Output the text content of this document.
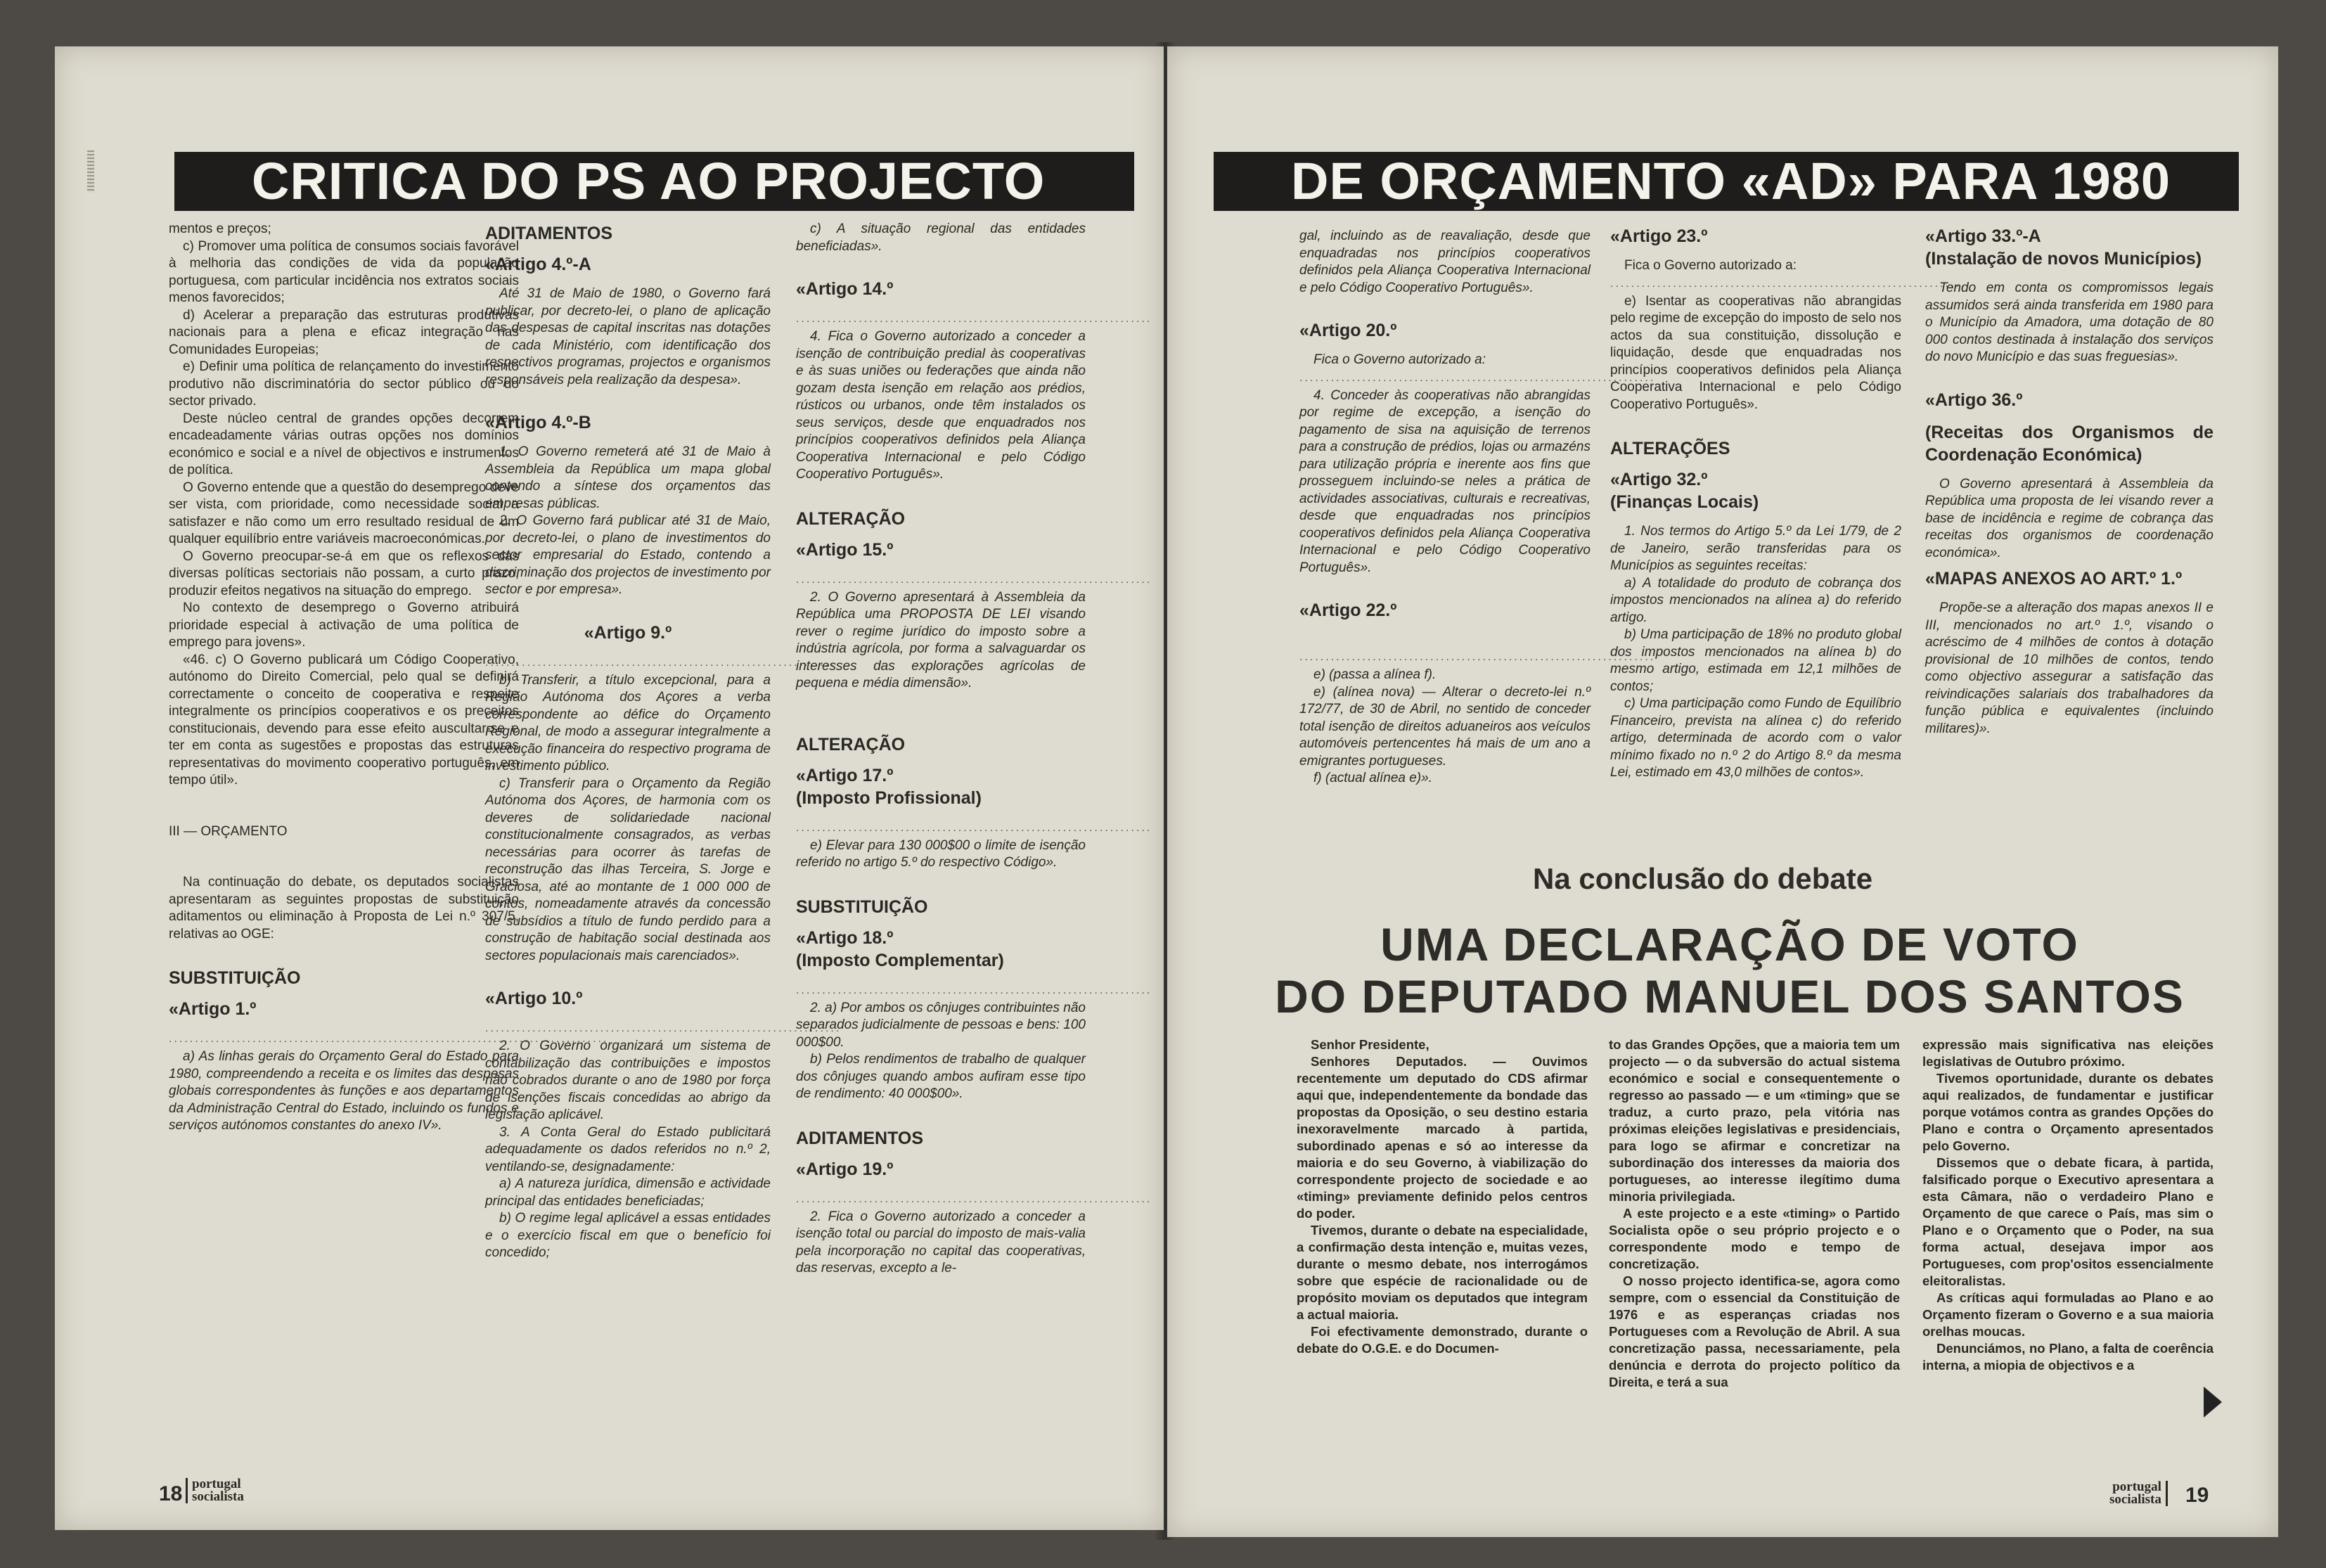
CRITICA DO PS AO PROJECTO

mentos e preços;

c) Promover uma política de consumos sociais favorável à melhoria das condições de vida da população portuguesa, com particular incidência nos extratos sociais menos favorecidos;

d) Acelerar a preparação das estruturas produtivas nacionais para a plena e eficaz integração nas Comunidades Europeias;

e) Definir uma política de relançamento do investimento produtivo não discriminatória do sector público ou do sector privado.

Deste núcleo central de grandes opções decorrem encadeadamente várias outras opções nos domínios económico e social e a nível de objectivos e instrumentos de política.

O Governo entende que a questão do desemprego deve ser vista, com prioridade, como necessidade social a satisfazer e não como um erro resultado residual de um qualquer equilíbrio entre variáveis macroeconómicas.

O Governo preocupar-se-á em que os reflexos das diversas políticas sectoriais não possam, a curto prazo, produzir efeitos negativos na situação do emprego.

No contexto de desemprego o Governo atribuirá prioridade especial à activação de uma política de emprego para jovens».

«46. c) O Governo publicará um Código Cooperativo, autónomo do Direito Comercial, pelo qual se definirá correctamente o conceito de cooperativa e respeite integralmente os princípios cooperativos e os preceitos constitucionais, devendo para esse efeito auscultar-se e ter em conta as sugestões e propostas das estruturas representativas do movimento cooperativo português, em tempo útil».

III — ORÇAMENTO

Na continuação do debate, os deputados socialistas apresentaram as seguintes propostas de substituição aditamentos ou eliminação à Proposta de Lei n.º 307/5, relativas ao OGE:

SUBSTITUIÇÃO
«Artigo 1.º
....................................................................................

a) As linhas gerais do Orçamento Geral do Estado para 1980, compreendendo a receita e os limites das despesas globais correspondentes às funções e aos departamentos da Administração Central do Estado, incluindo os fundos e serviços autónomos constantes do anexo IV».

ADITAMENTOS
«Artigo 4.º-A

Até 31 de Maio de 1980, o Governo fará publicar, por decreto-lei, o plano de aplicação das despesas de capital inscritas nas dotações de cada Ministério, com identificação dos respectivos programas, projectos e organismos responsáveis pela realização da despesa».

«Artigo 4.º-B

1. O Governo remeterá até 31 de Maio à Assembleia da República um mapa global contendo a síntese dos orçamentos das empresas públicas.

2. O Governo fará publicar até 31 de Maio, por decreto-lei, o plano de investimentos do sector empresarial do Estado, contendo a discriminação dos projectos de investimento por sector e por empresa».

«Artigo 9.º
....................................................................

b) Transferir, a título excepcional, para a Região Autónoma dos Açores a verba correspondente ao défice do Orçamento Regional, de modo a assegurar integralmente a execução financeira do respectivo programa de investimento público.

c) Transferir para o Orçamento da Região Autónoma dos Açores, de harmonia com os deveres de solidariedade nacional constitucionalmente consagrados, as verbas necessárias para ocorrer às tarefas de reconstrução das ilhas Terceira, S. Jorge e Graciosa, até ao montante de 1 000 000 de contos, nomeadamente através da concessão de subsídios a título de fundo perdido para a construção de habitação social destinada aos sectores populacionais mais carenciados».

«Artigo 10.º
....................................................................

2. O Governo organizará um sistema de contabilização das contribuições e impostos não cobrados durante o ano de 1980 por força de isenções fiscais concedidas ao abrigo da legislação aplicável.

3. A Conta Geral do Estado publicitará adequadamente os dados referidos no n.º 2, ventilando-se, designadamente:

a) A natureza jurídica, dimensão e actividade principal das entidades beneficiadas;

b) O regime legal aplicável a essas entidades e o exercício fiscal em que o benefício foi concedido;

c) A situação regional das entidades beneficiadas».

«Artigo 14.º
....................................................................

4. Fica o Governo autorizado a conceder a isenção de contribuição predial às cooperativas e às suas uniões ou federações que ainda não gozam desta isenção em relação aos prédios, rústicos ou urbanos, onde têm instalados os seus serviços, desde que enquadrados nos princípios cooperativos definidos pela Aliança Cooperativa Internacional e pelo Código Cooperativo Português».

ALTERAÇÃO
«Artigo 15.º
....................................................................

2. O Governo apresentará à Assembleia da República uma PROPOSTA DE LEI visando rever o regime jurídico do imposto sobre a indústria agrícola, por forma a salvaguardar os interesses das explorações agrícolas de pequena e média dimensão».

ALTERAÇÃO
«Artigo 17.º
(Imposto Profissional)
....................................................................

e) Elevar para 130 000$00 o limite de isenção referido no artigo 5.º do respectivo Código».

SUBSTITUIÇÃO
«Artigo 18.º
(Imposto Complementar)
....................................................................

2. a) Por ambos os cônjuges contribuintes não separados judicialmente de pessoas e bens: 100 000$00.

b) Pelos rendimentos de trabalho de qualquer dos cônjuges quando ambos aufiram esse tipo de rendimento: 40 000$00».

ADITAMENTOS
«Artigo 19.º
....................................................................

2. Fica o Governo autorizado a conceder a isenção total ou parcial do imposto de mais-valia pela incorporação no capital das cooperativas, das reservas, excepto a le-

18 portugal
socialista
DE ORÇAMENTO «AD» PARA 1980

gal, incluindo as de reavaliação, desde que enquadradas nos princípios cooperativos definidos pela Aliança Cooperativa Internacional e pelo Código Cooperativo Português».

«Artigo 20.º

Fica o Governo autorizado a:

....................................................................

4. Conceder às cooperativas não abrangidas por regime de excepção, a isenção do pagamento de sisa na aquisição de terrenos para a construção de prédios, lojas ou armazéns para utilização própria e inerente aos fins que prosseguem incluindo-se neles a prática de actividades associativas, culturais e recreativas, desde que enquadradas nos princípios cooperativos definidos pela Aliança Cooperativa Internacional e pelo Código Cooperativo Português».

«Artigo 22.º
....................................................................

e) (passa a alínea f).

e) (alínea nova) — Alterar o decreto-lei n.º 172/77, de 30 de Abril, no sentido de conceder total isenção de direitos aduaneiros aos veículos automóveis pertencentes há mais de um ano a emigrantes portugueses.

f) (actual alínea e)».

«Artigo 23.º

Fica o Governo autorizado a:

....................................................................

e) Isentar as cooperativas não abrangidas pelo regime de excepção do imposto de selo nos actos da sua constituição, dissolução e liquidação, desde que enquadradas nos princípios cooperativos definidos pela Aliança Cooperativa Internacional e pelo Código Cooperativo Português».

ALTERAÇÕES
«Artigo 32.º
(Finanças Locais)

1. Nos termos do Artigo 5.º da Lei 1/79, de 2 de Janeiro, serão transferidas para os Municípios as seguintes receitas:

a) A totalidade do produto de cobrança dos impostos mencionados na alínea a) do referido artigo.

b) Uma participação de 18% no produto global dos impostos mencionados na alínea b) do mesmo artigo, estimada em 12,1 milhões de contos;

c) Uma participação como Fundo de Equilíbrio Financeiro, prevista na alínea c) do referido artigo, determinada de acordo com o valor mínimo fixado no n.º 2 do Artigo 8.º da mesma Lei, estimado em 43,0 milhões de contos».

«Artigo 33.º-A
(Instalação de novos Municípios)

Tendo em conta os compromissos legais assumidos será ainda transferida em 1980 para o Município da Amadora, uma dotação de 80 000 contos destinada à instalação dos serviços do novo Município e das suas freguesias».

«Artigo 36.º
(Receitas dos Organismos de Coordenação Económica)

O Governo apresentará à Assembleia da República uma proposta de lei visando rever a base de incidência e regime de cobrança das receitas dos organismos de coordenação económica».

«MAPAS ANEXOS AO ART.º 1.º

Propõe-se a alteração dos mapas anexos II e III, mencionados no art.º 1.º, visando o acréscimo de 4 milhões de contos à dotação provisional de 10 milhões de contos, tendo como objectivo assegurar a satisfação das reivindicações salariais dos trabalhadores da função pública e equivalentes (incluindo militares)».

Na conclusão do debate
UMA DECLARAÇÃO DE VOTO
DO DEPUTADO MANUEL DOS SANTOS

Senhor Presidente,

Senhores Deputados. — Ouvimos recentemente um deputado do CDS afirmar aqui que, independentemente da bondade das propostas da Oposição, o seu destino estaria inexoravelmente marcado à partida, subordinado apenas e só ao interesse da maioria e do seu Governo, à viabilização do correspondente projecto de sociedade e ao «timing» previamente definido pelos centros do poder.

Tivemos, durante o debate na especialidade, a confirmação desta intenção e, muitas vezes, durante o mesmo debate, nos interrogámos sobre que espécie de racionalidade ou de propósito moviam os deputados que integram a actual maioria.

Foi efectivamente demonstrado, durante o debate do O.G.E. e do Documen-

to das Grandes Opções, que a maioria tem um projecto — o da subversão do actual sistema económico e social e consequentemente o regresso ao passado — e um «timing» que se traduz, a curto prazo, pela vitória nas próximas eleições legislativas e presidenciais, para logo se afirmar e concretizar na subordinação dos interesses da maioria dos portugueses, ao interesse ilegítimo duma minoria privilegiada.

A este projecto e a este «timing» o Partido Socialista opõe o seu próprio projecto e o correspondente modo e tempo de concretização.

O nosso projecto identifica-se, agora como sempre, com o essencial da Constituição de 1976 e as esperanças criadas nos Portugueses com a Revolução de Abril. A sua concretização passa, necessariamente, pela denúncia e derrota do projecto político da Direita, e terá a sua

expressão mais significativa nas eleições legislativas de Outubro próximo.

Tivemos oportunidade, durante os debates aqui realizados, de fundamentar e justificar porque votámos contra as grandes Opções do Plano e contra o Orçamento apresentados pelo Governo.

Dissemos que o debate ficara, à partida, falsificado porque o Executivo apresentara a esta Câmara, não o verdadeiro Plano e Orçamento de que carece o País, mas sim o Plano e o Orçamento que o Poder, na sua forma actual, desejava impor aos Portugueses, com prop'ositos essencialmente eleitoralistas.

As críticas aqui formuladas ao Plano e ao Orçamento fizeram o Governo e a sua maioria orelhas moucas.

Denunciámos, no Plano, a falta de coerência interna, a miopia de objectivos e a

portugal
socialista 19
